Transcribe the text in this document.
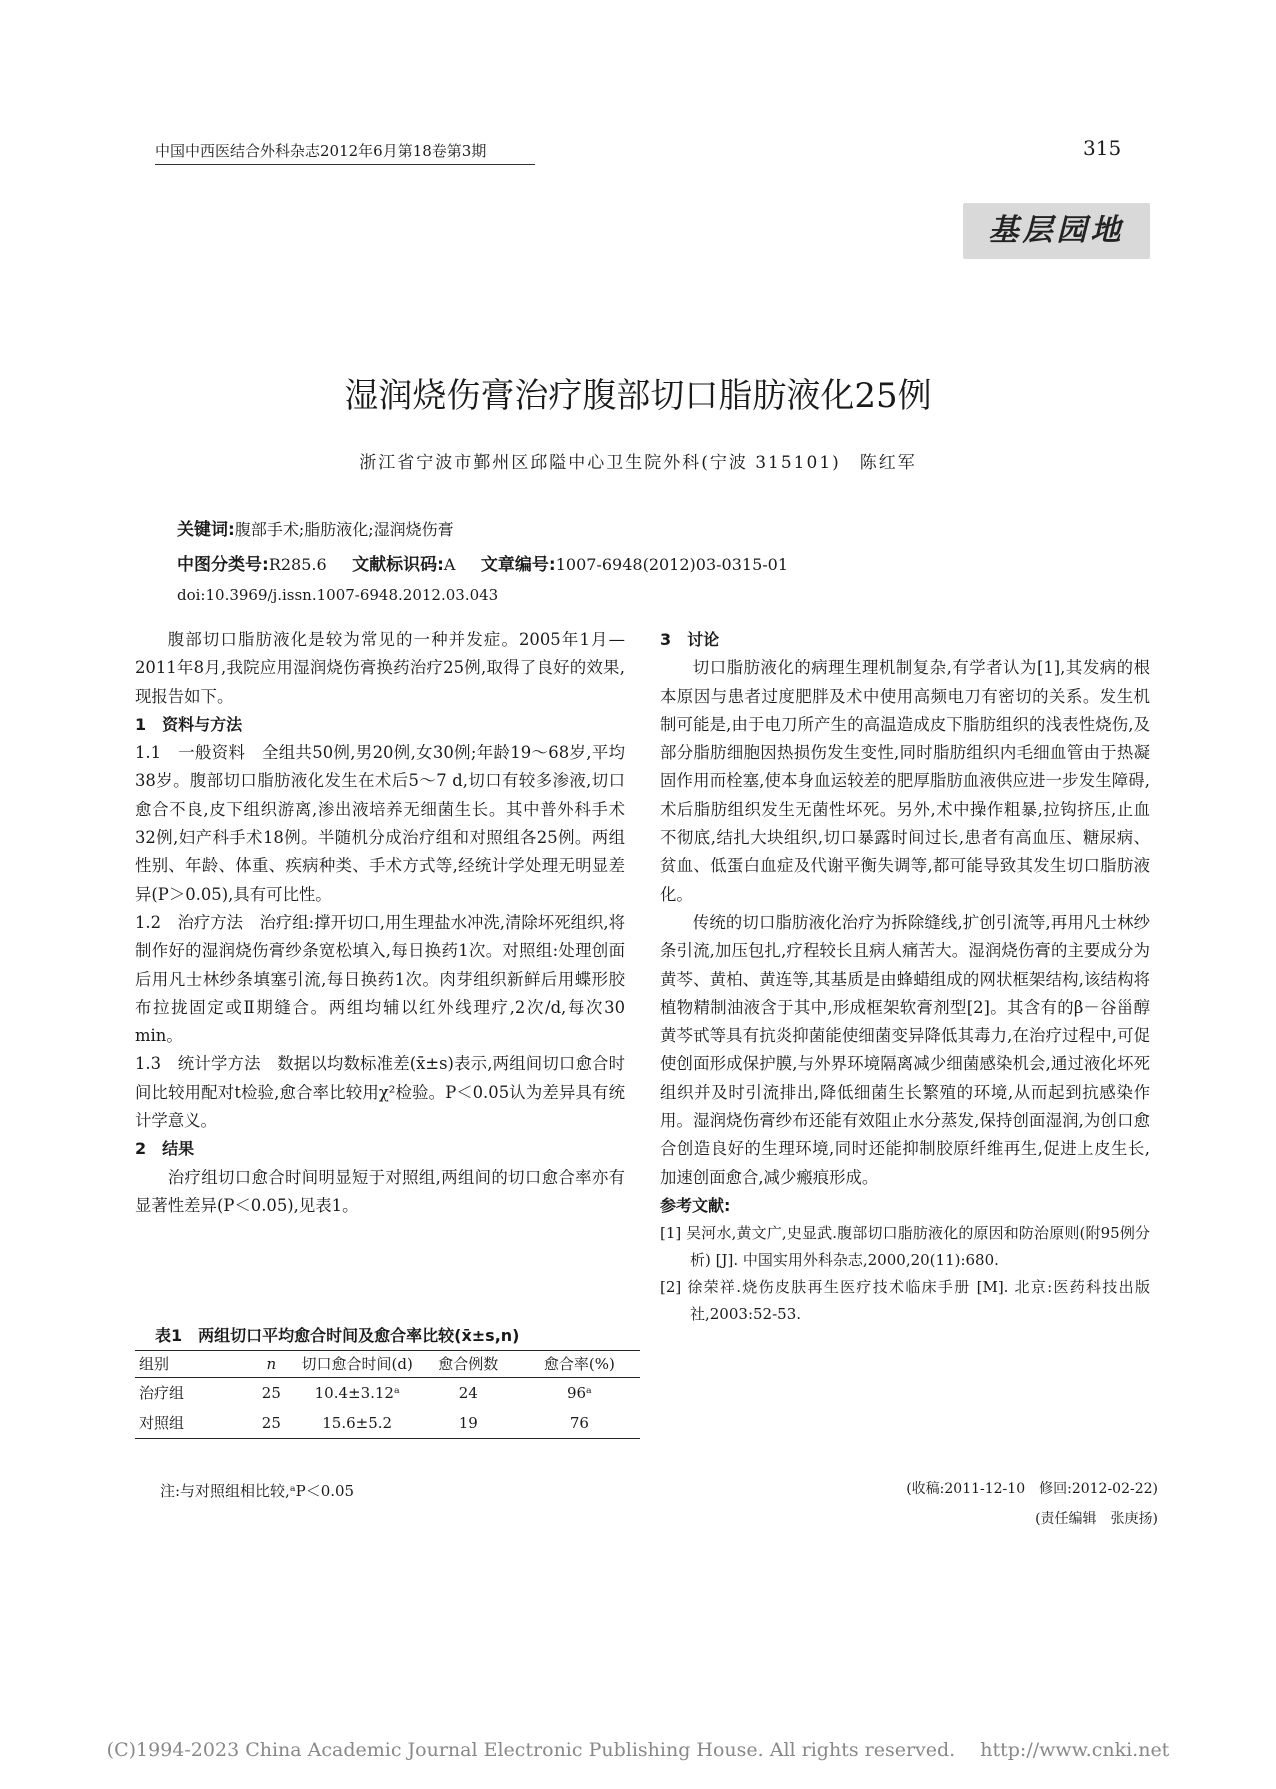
中国中西医结合外科杂志2012年6月第18卷第3期	315
基层园地
湿润烧伤膏治疗腹部切口脂肪液化25例
浙江省宁波市鄞州区邱隘中心卫生院外科(宁波 315101)　陈红军
关键词:腹部手术;脂肪液化;湿润烧伤膏
中图分类号:R285.6 文献标识码:A 文章编号:1007-6948(2012)03-0315-01
doi:10.3969/j.issn.1007-6948.2012.03.043

腹部切口脂肪液化是较为常见的一种并发症。2005年1月—2011年8月,我院应用湿润烧伤膏换药治疗25例,取得了良好的效果,现报告如下。

1　资料与方法

1.1　一般资料　全组共50例,男20例,女30例;年龄19～68岁,平均38岁。腹部切口脂肪液化发生在术后5～7 d,切口有较多渗液,切口愈合不良,皮下组织游离,渗出液培养无细菌生长。其中普外科手术32例,妇产科手术18例。半随机分成治疗组和对照组各25例。两组性别、年龄、体重、疾病种类、手术方式等,经统计学处理无明显差异(P＞0.05),具有可比性。

1.2　治疗方法　治疗组:撑开切口,用生理盐水冲洗,清除坏死组织,将制作好的湿润烧伤膏纱条宽松填入,每日换药1次。对照组:处理创面后用凡士林纱条填塞引流,每日换药1次。肉芽组织新鲜后用蝶形胶布拉拢固定或Ⅱ期缝合。两组均辅以红外线理疗,2次/d,每次30 min。

1.3　统计学方法　数据以均数标准差(x̄±s)表示,两组间切口愈合时间比较用配对t检验,愈合率比较用χ²检验。P＜0.05认为差异具有统计学意义。

2　结果

治疗组切口愈合时间明显短于对照组,两组间的切口愈合率亦有显著性差异(P＜0.05),见表1。

表1　两组切口平均愈合时间及愈合率比较(x̄±s,n)
组别	n	切口愈合时间(d)	愈合例数	愈合率(%)
治疗组	25	10.4±3.12ᵃ	24	96ᵃ
对照组	25	15.6±5.2	19	76
注:与对照组相比较,ᵃP＜0.05

3　讨论

切口脂肪液化的病理生理机制复杂,有学者认为[1],其发病的根本原因与患者过度肥胖及术中使用高频电刀有密切的关系。发生机制可能是,由于电刀所产生的高温造成皮下脂肪组织的浅表性烧伤,及部分脂肪细胞因热损伤发生变性,同时脂肪组织内毛细血管由于热凝固作用而栓塞,使本身血运较差的肥厚脂肪血液供应进一步发生障碍,术后脂肪组织发生无菌性坏死。另外,术中操作粗暴,拉钩挤压,止血不彻底,结扎大块组织,切口暴露时间过长,患者有高血压、糖尿病、贫血、低蛋白血症及代谢平衡失调等,都可能导致其发生切口脂肪液化。

传统的切口脂肪液化治疗为拆除缝线,扩创引流等,再用凡士林纱条引流,加压包扎,疗程较长且病人痛苦大。湿润烧伤膏的主要成分为黄芩、黄柏、黄连等,其基质是由蜂蜡组成的网状框架结构,该结构将植物精制油液含于其中,形成框架软膏剂型[2]。其含有的β－谷甾醇黄芩甙等具有抗炎抑菌能使细菌变异降低其毒力,在治疗过程中,可促使创面形成保护膜,与外界环境隔离减少细菌感染机会,通过液化坏死组织并及时引流排出,降低细菌生长繁殖的环境,从而起到抗感染作用。湿润烧伤膏纱布还能有效阻止水分蒸发,保持创面湿润,为创口愈合创造良好的生理环境,同时还能抑制胶原纤维再生,促进上皮生长,加速创面愈合,减少瘢痕形成。

参考文献:

[1] 吴河水,黄文广,史显武.腹部切口脂肪液化的原因和防治原则(附95例分析) [J]. 中国实用外科杂志,2000,20(11):680.

[2] 徐荣祥.烧伤皮肤再生医疗技术临床手册 [M]. 北京:医药科技出版社,2003:52-53.

(收稿:2011-12-10　修回:2012-02-22)
(责任编辑　张庚扬)
(C)1994-2023 China Academic Journal Electronic Publishing House. All rights reserved.　 http://www.cnki.net
